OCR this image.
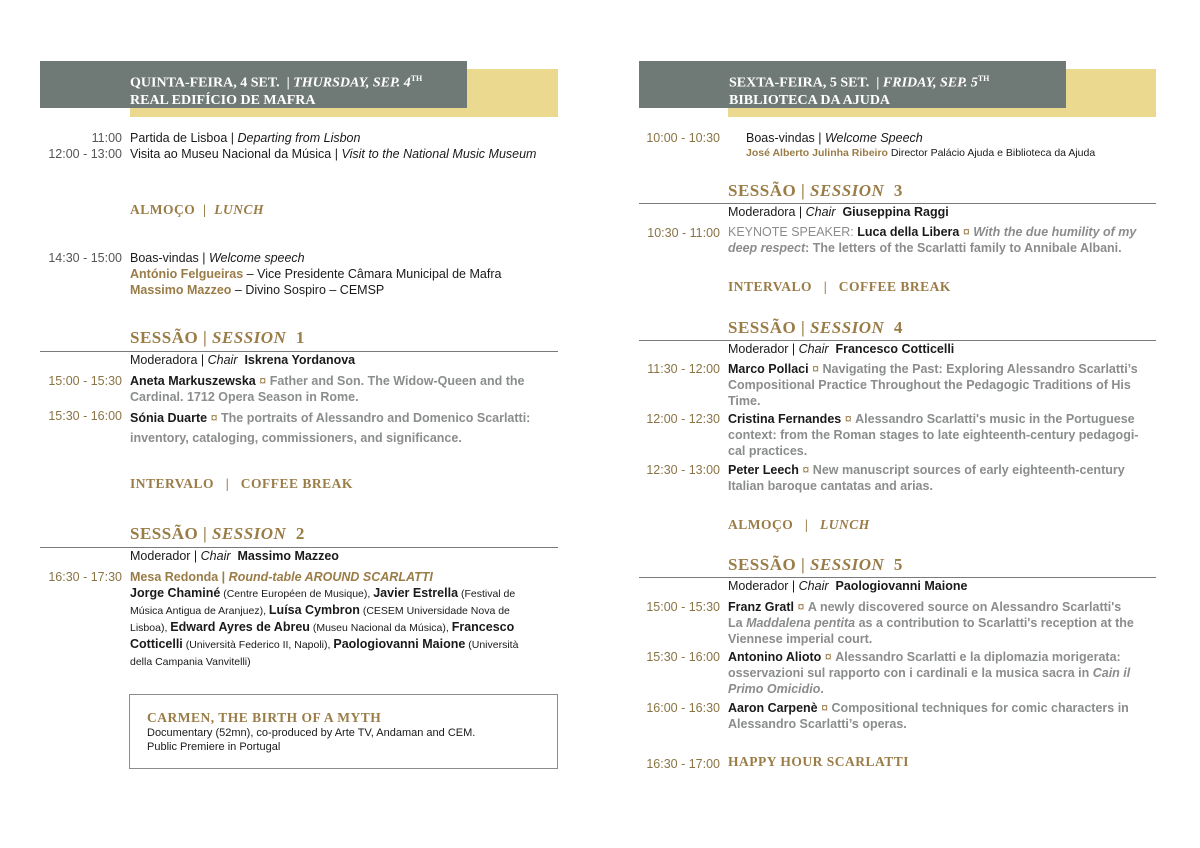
QUINTA-FEIRA, 4 SET. | THURSDAY, SEP. 4TH
REAL EDIFÍCIO DE MAFRA
11:00 Partida de Lisboa | Departing from Lisbon
12:00 - 13:00 Visita ao Museu Nacional da Música | Visit to the National Music Museum
ALMOÇO | LUNCH
14:30 - 15:00 Boas-vindas | Welcome speech
António Felgueiras – Vice Presidente Câmara Municipal de Mafra
Massimo Mazzeo – Divino Sospiro – CEMSP
SESSÃO | SESSION 1
Moderadora | Chair Iskrena Yordanova
15:00 - 15:30 Aneta Markuszewska ¤ Father and Son. The Widow-Queen and the
Cardinal. 1712 Opera Season in Rome.
15:30 - 16:00 Sónia Duarte ¤ The portraits of Alessandro and Domenico Scarlatti:
inventory, cataloging, commissioners, and significance.
INTERVALO | COFFEE BREAK
SESSÃO | SESSION 2
Moderador | Chair Massimo Mazzeo
16:30 - 17:30 Mesa Redonda | Round-table AROUND SCARLATTI
Jorge Chaminé (Centre Européen de Musique), Javier Estrella (Festival de
Música Antigua de Aranjuez), Luísa Cymbron (CESEM Universidade Nova de
Lisboa), Edward Ayres de Abreu (Museu Nacional da Música), Francesco
Cotticelli (Università Federico II, Napoli), Paologiovanni Maione (Università
della Campania Vanvitelli)
CARMEN, THE BIRTH OF A MYTH
Documentary (52mn), co-produced by Arte TV, Andaman and CEM.
Public Premiere in Portugal
SEXTA-FEIRA, 5 SET. | FRIDAY, SEP. 5TH
BIBLIOTECA DA AJUDA
10:00 - 10:30 Boas-vindas | Welcome Speech
José Alberto Julinha Ribeiro Director Palácio Ajuda e Biblioteca da Ajuda
SESSÃO | SESSION 3
Moderadora | Chair Giuseppina Raggi
10:30 - 11:00 KEYNOTE SPEAKER: Luca della Libera ¤ With the due humility of my
deep respect: The letters of the Scarlatti family to Annibale Albani.
INTERVALO | COFFEE BREAK
SESSÃO | SESSION 4
Moderador | Chair Francesco Cotticelli
11:30 - 12:00 Marco Pollaci ¤ Navigating the Past: Exploring Alessandro Scarlatti’s
Compositional Practice Throughout the Pedagogic Traditions of His
Time.
12:00 - 12:30 Cristina Fernandes ¤ Alessandro Scarlatti's music in the Portuguese
context: from the Roman stages to late eighteenth-century pedagogi-
cal practices.
12:30 - 13:00 Peter Leech ¤ New manuscript sources of early eighteenth-century
Italian baroque cantatas and arias.
ALMOÇO | LUNCH
SESSÃO | SESSION 5
Moderador | Chair Paologiovanni Maione
15:00 - 15:30 Franz Gratl ¤ A newly discovered source on Alessandro Scarlatti's
La Maddalena pentita as a contribution to Scarlatti's reception at the
Viennese imperial court.
15:30 - 16:00 Antonino Alioto ¤ Alessandro Scarlatti e la diplomazia morigerata:
osservazioni sul rapporto con i cardinali e la musica sacra in Cain il
Primo Omicidio.
16:00 - 16:30 Aaron Carpenè ¤ Compositional techniques for comic characters in
Alessandro Scarlatti’s operas.
16:30 - 17:00 HAPPY HOUR SCARLATTI
